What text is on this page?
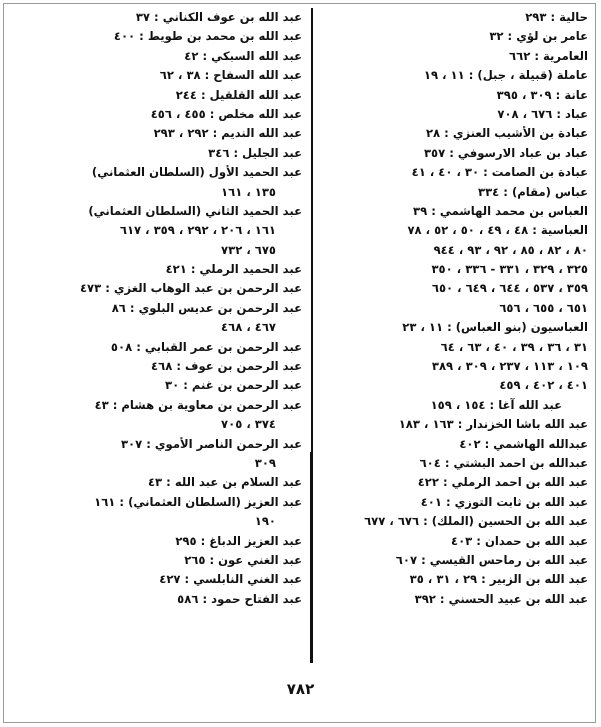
حالية : ٢٩٣
عامر بن لؤي : ٣٢
العامرية : ٦٦٢
عاملة (قبيلة ، جبل) : ١١ ، ١٩
عانة : ٣٠٩ ، ٣٩٥
عباد : ٦٧٦ ، ٧٠٨
عبادة بن الأشيب العنزي : ٢٨
عباد بن عباد الارسوفي : ٣٥٧
عبادة بن الصامت : ٣٠ ، ٤٠ ، ٤١
عباس (مقام) : ٣٣٤
العباس بن محمد الهاشمي : ٣٩
العباسية : ٤٨ ، ٤٩ ، ٥٠ ، ٥٢ ، ٧٨
٨٠ ، ٨٢ ، ٨٥ ، ٩٢ ، ٩٣ ، ٩٤٤
٣٢٥ ، ٣٢٩ ، ٣٣١ - ٣٣٦ ، ٣٥٠
٣٥٩ ، ٥٣٧ ، ٦٤٤ ، ٦٤٩ ، ٦٥٠
٦٥١ ، ٦٥٥ ، ٦٥٦
العباسيون (بنو العباس) : ١١ ، ٢٣
٣١ ، ٣٦ ، ٣٩ ، ٤٠ ، ٦٣ ، ٦٤
١٠٩ ، ١١٣ ، ٢٣٧ ، ٣٠٩ ، ٣٨٩
٤٠١ ، ٤٠٢ ، ٤٥٩
عبد الله آغا : ١٥٤ ، ١٥٩
عبد الله باشا الخزندار : ١٦٣ ، ١٨٣
عبدالله الهاشمي : ٤٠٢
عبدالله بن احمد البشتي : ٦٠٤
عبد الله بن احمد الرملي : ٤٢٢
عبد الله بن ثابت التوزي : ٤٠١
عبد الله بن الحسين (الملك) : ٦٧٦ ، ٦٧٧
عبد الله بن حمدان : ٤٠٣
عبد الله بن رماحس القيسي : ٦٠٧
عبد الله بن الزبير : ٢٩ ، ٣١ ، ٣٥
عبد الله بن عبيد الحسني : ٣٩٢
عبد الله بن عوف الكناني : ٣٧
عبد الله بن محمد بن طويط : ٤٠٠
عبد الله السبكي : ٤٢
عبد الله السفاح : ٣٨ ، ٦٢
عبد الله القلقيل : ٢٤٤
عبد الله مخلص : ٤٥٥ ، ٤٥٦
عبد الله النديم : ٢٩٢ ، ٢٩٣
عبد الجليل : ٣٤٦
عبد الحميد الأول (السلطان العثماني)
١٣٥ ، ١٦١
عبد الحميد الثاني (السلطان العثماني)
١٦١ ، ٢٠٦ ، ٢٩٢ ، ٣٥٩ ، ٦١٧
٦٧٥ ، ٧٣٢
عبد الحميد الرملي : ٤٢١
عبد الرحمن بن عبد الوهاب الغزي : ٤٧٣
عبد الرحمن بن عديس البلوي : ٨٦
٤٦٧ ، ٤٦٨
عبد الرحمن بن عمر القبابي : ٥٠٨
عبد الرحمن بن عوف : ٤٦٨
عبد الرحمن بن غنم : ٣٠
عبد الرحمن بن معاوية بن هشام : ٤٣
٣٧٤ ، ٧٠٥
عبد الرحمن الناصر الأموي : ٣٠٧
٣٠٩
عبد السلام بن عبد الله : ٤٣
عبد العزيز (السلطان العثماني) : ١٦١
١٩٠
عبد العزيز الدباغ : ٢٩٥
عبد الغني عون : ٢٦٥
عبد الغني النابلسي : ٤٢٧
عبد الفتاح حمود : ٥٨٦
٧٨٢
